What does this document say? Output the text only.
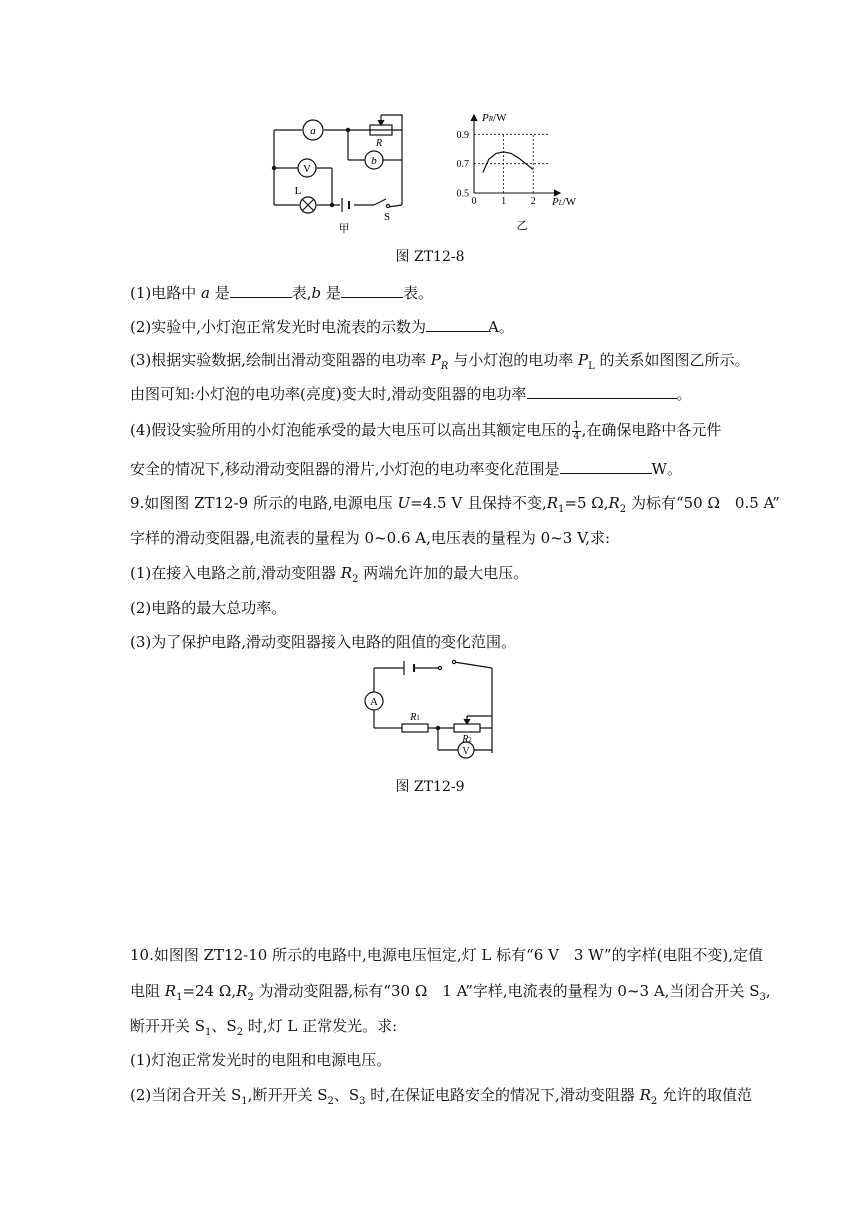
a
b
V
R
L
S
甲
PR/W
PL/W
乙
0 1 2
0.9
0.7
0.5
图 ZT12-8
(1)电路中 a 是	表,b 是	表。
(2)实验中,小灯泡正常发光时电流表的示数为	A。
(3)根据实验数据,绘制出滑动变阻器的电功率 $P_R$ 与小灯泡的电功率 $P_L$ 的关系如图图乙所示。
由图可知:小灯泡的电功率(亮度)变大时,滑动变阻器的电功率	。
(4)假设实验所用的小灯泡能承受的最大电压可以高出其额定电压的 $\frac{1}{4}$ ,在确保电路中各元件
安全的情况下,移动滑动变阻器的滑片,小灯泡的电功率变化范围是	W。
9.如图图 ZT12-9 所示的电路,电源电压 U=4.5 V 且保持不变$,R_1=5$ $\Omega,R_2$ 为标有“50 Ω　0.5 A”
字样的滑动变阻器,电流表的量程为 0~0.6 A,电压表的量程为 0~3 V,求:
(1)在接入电路之前,滑动变阻器 $R_2$ 两端允许加的最大电压。
(2)电路的最大总功率。
(3)为了保护电路,滑动变阻器接入电路的阻值的变化范围。
A
V
R1
R2
图 ZT12-9
10.如图图 ZT12-10 所示的电路中,电源电压恒定,灯 L 标有“6 V　3 W”的字样(电阻不变),定值
电阻 $R_1=24$ $\Omega,R_2$ 为滑动变阻器,标有“30 Ω　1 A”字样,电流表的量程为 0~3 A,当闭合开关 $S_3$,
断开开关 $S_1$、$S_2$ 时,灯 L 正常发光。求:
(1)灯泡正常发光时的电阻和电源电压。
(2)当闭合开关 $S_1$,断开开关 $S_2$、$S_3$ 时,在保证电路安全的情况下,滑动变阻器 $R_2$ 允许的取值范
